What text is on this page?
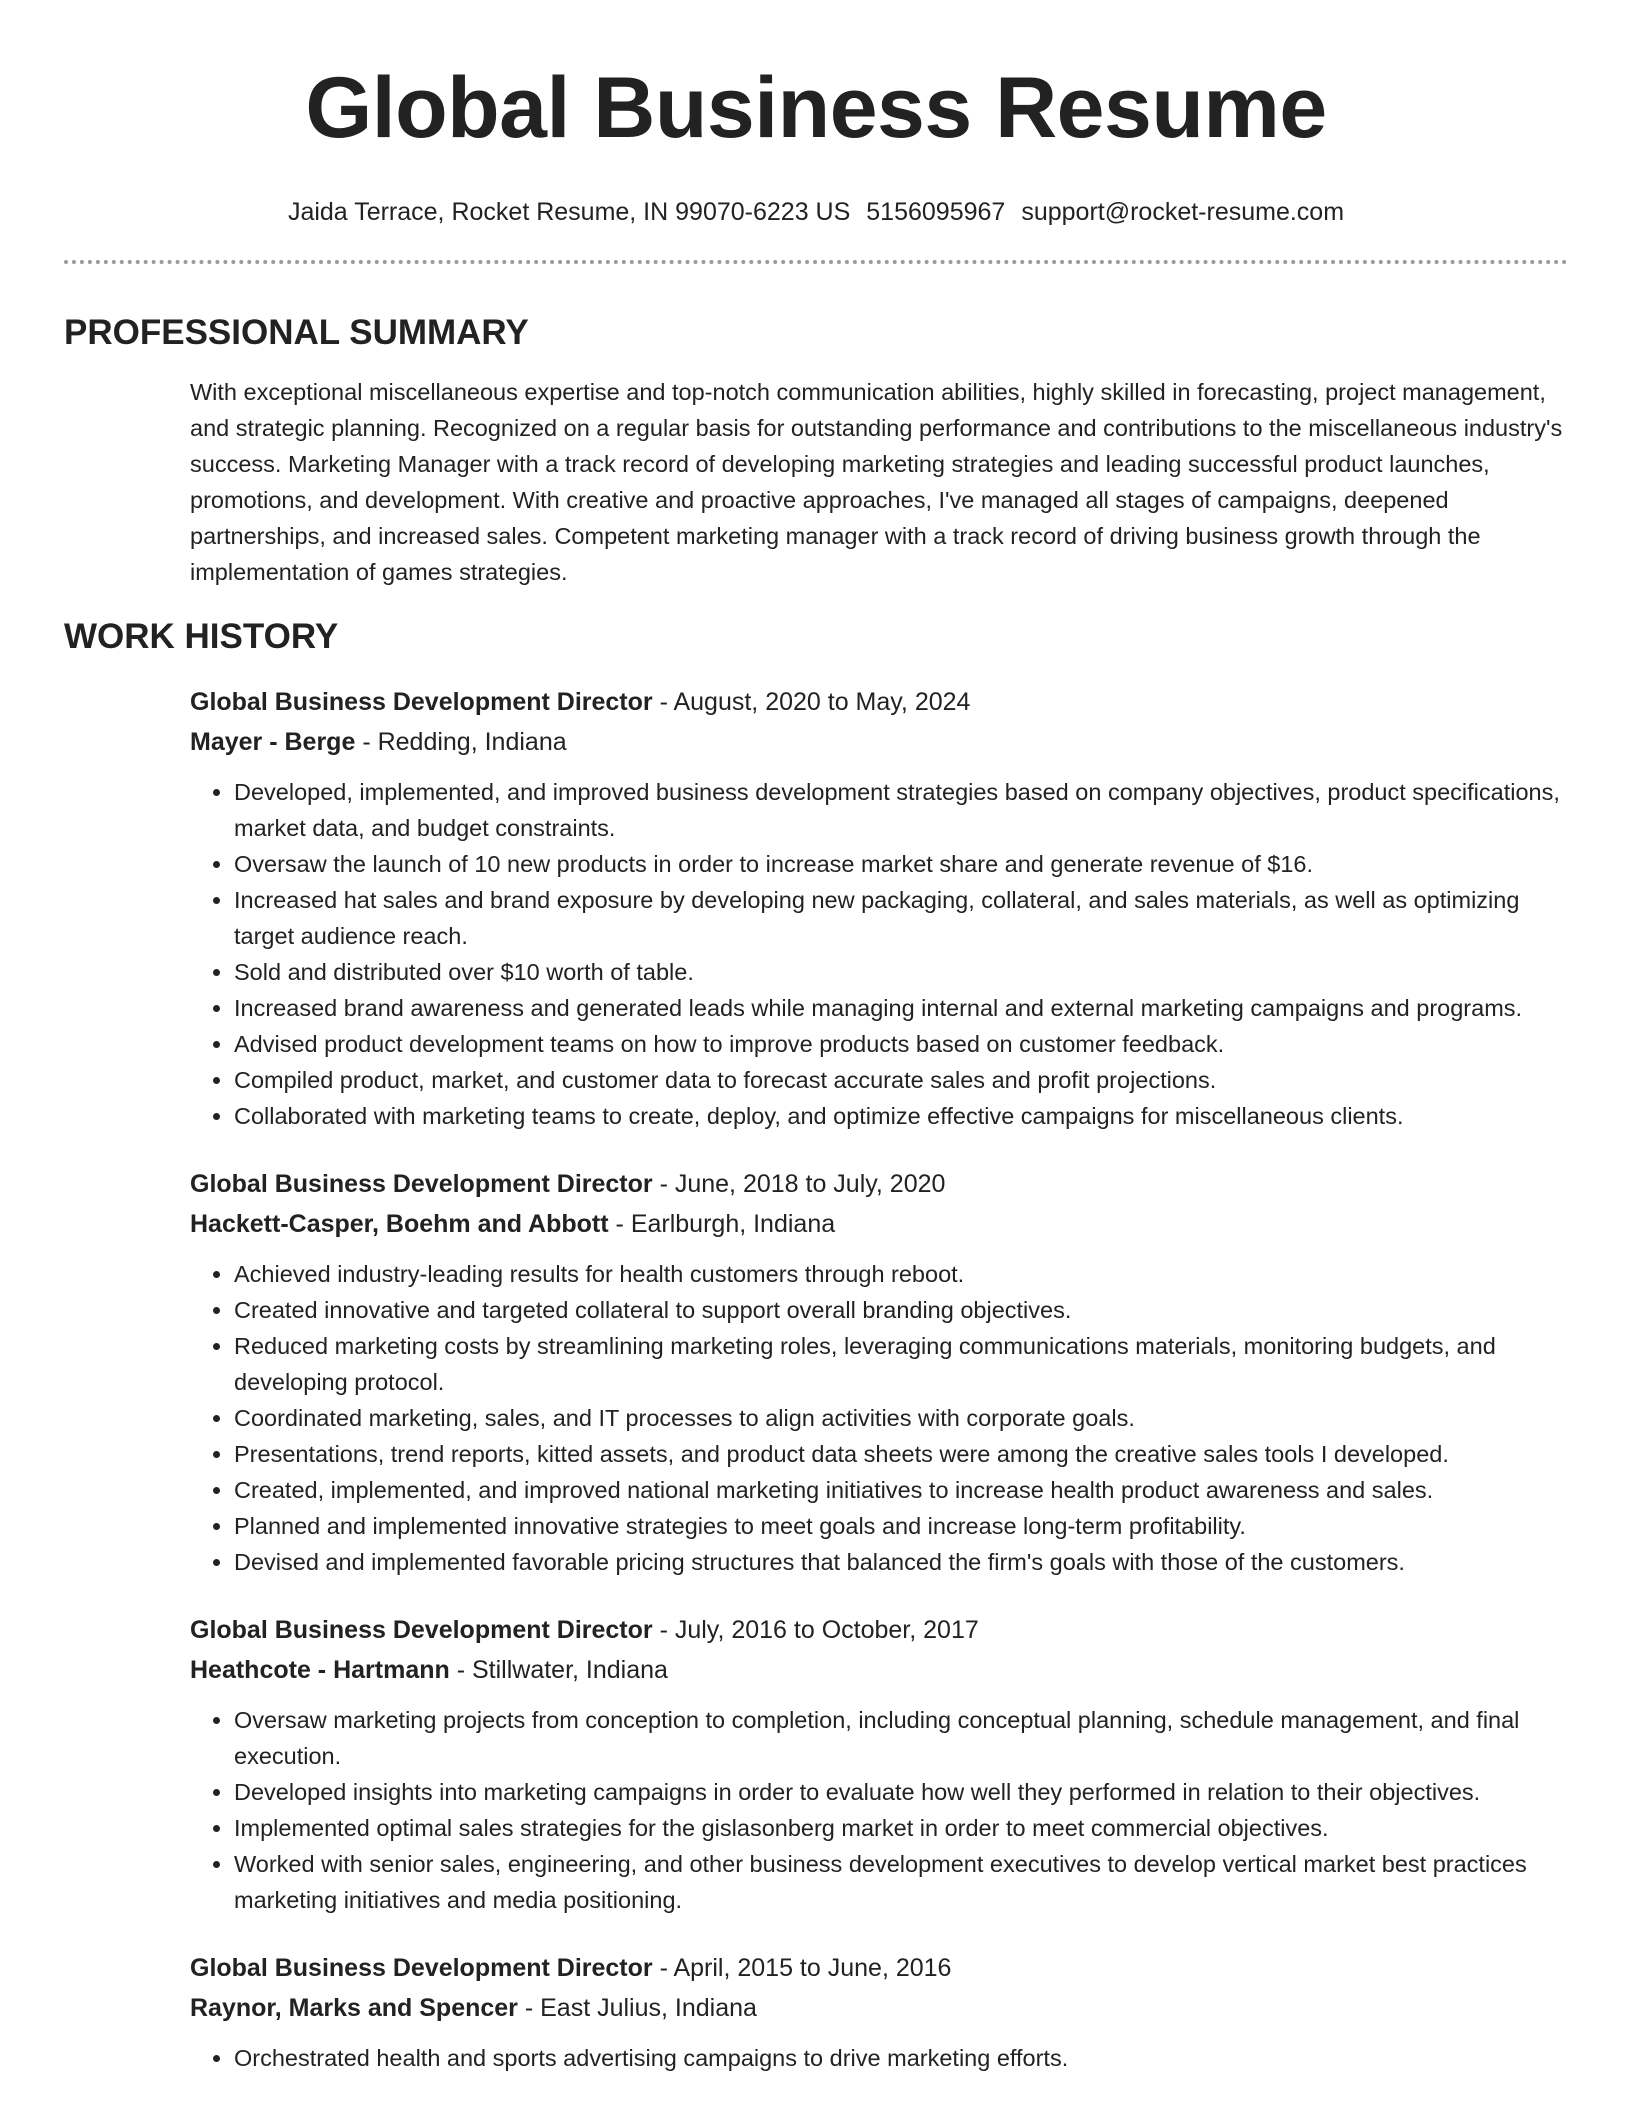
Global Business Resume
Jaida Terrace, Rocket Resume, IN 99070-6223 US 5156095967 support@rocket-resume.com
PROFESSIONAL SUMMARY

With exceptional miscellaneous expertise and top-notch communication abilities, highly skilled in forecasting, project management, and strategic planning. Recognized on a regular basis for outstanding performance and contributions to the miscellaneous industry's success. Marketing Manager with a track record of developing marketing strategies and leading successful product launches, promotions, and development. With creative and proactive approaches, I've managed all stages of campaigns, deepened partnerships, and increased sales. Competent marketing manager with a track record of driving business growth through the implementation of games strategies.

WORK HISTORY
Global Business Development Director - August, 2020 to May, 2024
Mayer - Berge - Redding, Indiana
• Developed, implemented, and improved business development strategies based on company objectives, product specifications, market data, and budget constraints.
• Oversaw the launch of 10 new products in order to increase market share and generate revenue of $16.
• Increased hat sales and brand exposure by developing new packaging, collateral, and sales materials, as well as optimizing target audience reach.
• Sold and distributed over $10 worth of table.
• Increased brand awareness and generated leads while managing internal and external marketing campaigns and programs.
• Advised product development teams on how to improve products based on customer feedback.
• Compiled product, market, and customer data to forecast accurate sales and profit projections.
• Collaborated with marketing teams to create, deploy, and optimize effective campaigns for miscellaneous clients.
Global Business Development Director - June, 2018 to July, 2020
Hackett-Casper, Boehm and Abbott - Earlburgh, Indiana
• Achieved industry-leading results for health customers through reboot.
• Created innovative and targeted collateral to support overall branding objectives.
• Reduced marketing costs by streamlining marketing roles, leveraging communications materials, monitoring budgets, and developing protocol.
• Coordinated marketing, sales, and IT processes to align activities with corporate goals.
• Presentations, trend reports, kitted assets, and product data sheets were among the creative sales tools I developed.
• Created, implemented, and improved national marketing initiatives to increase health product awareness and sales.
• Planned and implemented innovative strategies to meet goals and increase long-term profitability.
• Devised and implemented favorable pricing structures that balanced the firm's goals with those of the customers.
Global Business Development Director - July, 2016 to October, 2017
Heathcote - Hartmann - Stillwater, Indiana
• Oversaw marketing projects from conception to completion, including conceptual planning, schedule management, and final execution.
• Developed insights into marketing campaigns in order to evaluate how well they performed in relation to their objectives.
• Implemented optimal sales strategies for the gislasonberg market in order to meet commercial objectives.
• Worked with senior sales, engineering, and other business development executives to develop vertical market best practices marketing initiatives and media positioning.
Global Business Development Director - April, 2015 to June, 2016
Raynor, Marks and Spencer - East Julius, Indiana
• Orchestrated health and sports advertising campaigns to drive marketing efforts.
